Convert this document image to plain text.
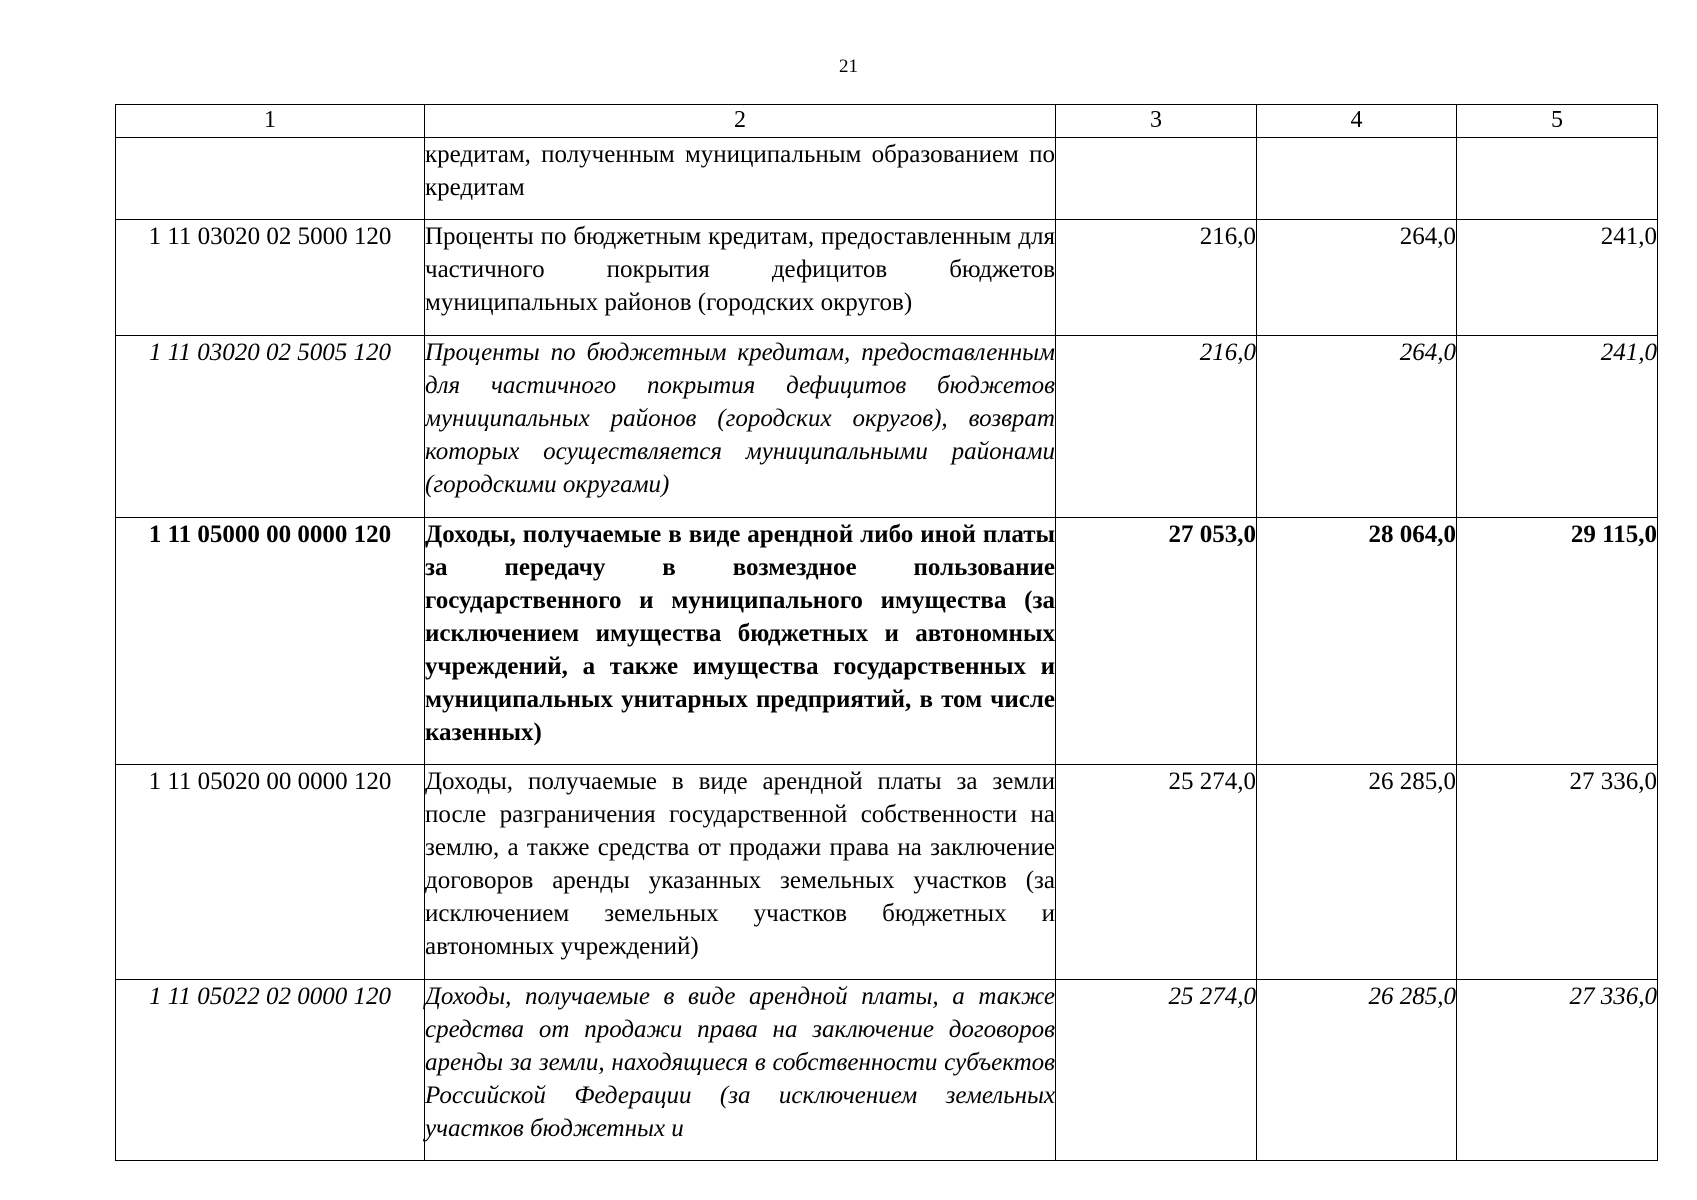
21
1	2	3	4	5
	кредитам, полученным муниципальным образованием по кредитам			
1 11 03020 02 5000 120	Проценты по бюджетным кредитам, предоставленным для частичного покрытия дефицитов бюджетов муниципальных районов (городских округов)	216,0	264,0	241,0
1 11 03020 02 5005 120	Проценты по бюджетным кредитам, предоставленным для частичного покрытия дефицитов бюджетов муниципальных районов (городских округов), возврат которых осуществляется муниципальными районами (городскими округами)	216,0	264,0	241,0
1 11 05000 00 0000 120	Доходы, получаемые в виде арендной либо иной платы за передачу в возмездное пользование государственного и муниципального имущества (за исключением имущества бюджетных и автономных учреждений, а также имущества государственных и муниципальных унитарных предприятий, в том числе казенных)	27 053,0	28 064,0	29 115,0
1 11 05020 00 0000 120	Доходы, получаемые в виде арендной платы за земли после разграничения государственной собственности на землю, а также средства от продажи права на заключение договоров аренды указанных земельных участков (за исключением земельных участков бюджетных и автономных учреждений)	25 274,0	26 285,0	27 336,0
1 11 05022 02 0000 120	Доходы, получаемые в виде арендной платы, а также средства от продажи права на заключение договоров аренды за земли, находящиеся в собственности субъектов Российской Федерации (за исключением земельных участков бюджетных и	25 274,0	26 285,0	27 336,0
